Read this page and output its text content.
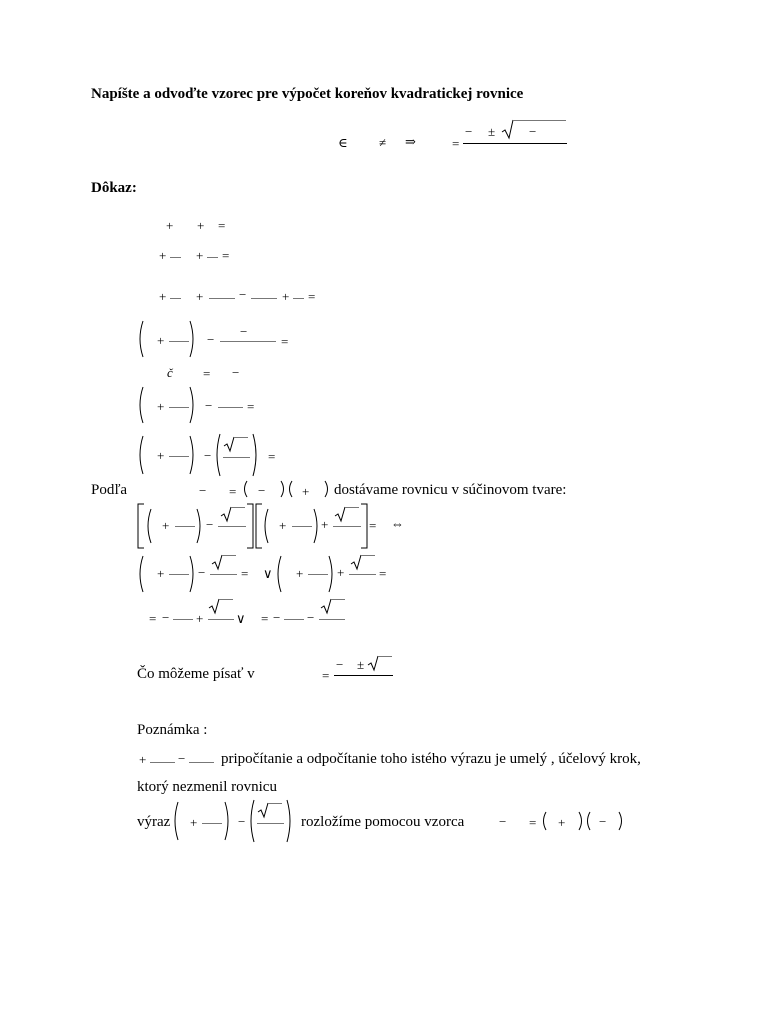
Napíšte a odvoďte vzorec pre výpočet koreňov kvadratickej rovnice
∈ ≠ ⇒	=
− ±	−
Dôkaz:
+ + =
+ + =
+ +	−	+ =
+	−
−
=
č = −
+	−	=
+	−	=
Podľa	− = −	+ dostávame rovnicu v súčinovom tvare:
+	−	+	+	= ⇔
+	−	= ∨ +	+	=
= − +	∨ = − −
Čo môžeme písať v	=
− ±
Poznámka :
+ − pripočítanie a odpočítanie toho istého výrazu je umelý , účelový krok,
ktorý nezmenil rovnicu
výraz +	−	rozložíme pomocou vzorca	− = +	−
